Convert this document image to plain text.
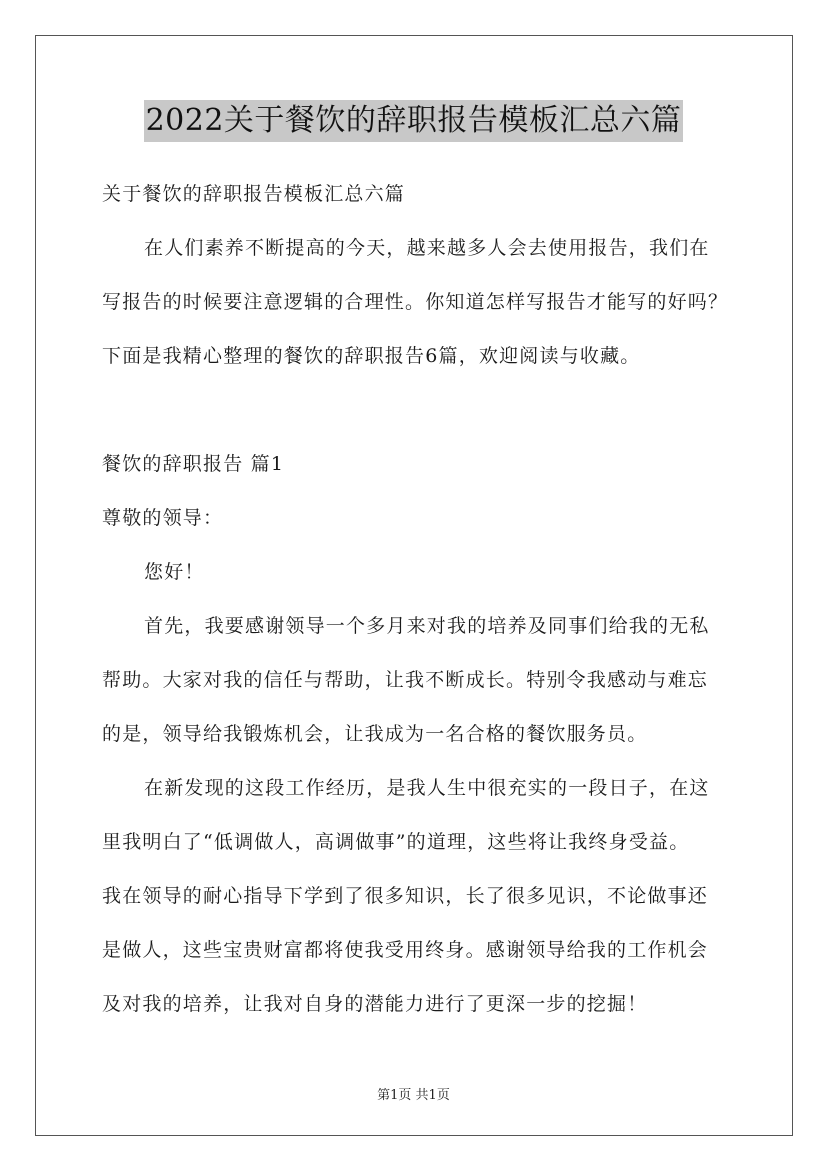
2022关于餐饮的辞职报告模板汇总六篇
关于餐饮的辞职报告模板汇总六篇
在人们素养不断提高的今天，越来越多人会去使用报告，我们在
写报告的时候要注意逻辑的合理性。你知道怎样写报告才能写的好吗？
下面是我精心整理的餐饮的辞职报告6篇，欢迎阅读与收藏。
餐饮的辞职报告 篇1
尊敬的领导：
您好！
首先，我要感谢领导一个多月来对我的培养及同事们给我的无私
帮助。大家对我的信任与帮助，让我不断成长。特别令我感动与难忘
的是，领导给我锻炼机会，让我成为一名合格的餐饮服务员。
在新发现的这段工作经历，是我人生中很充实的一段日子，在这
里我明白了“低调做人，高调做事”的道理，这些将让我终身受益。
我在领导的耐心指导下学到了很多知识，长了很多见识，不论做事还
是做人，这些宝贵财富都将使我受用终身。感谢领导给我的工作机会
及对我的培养，让我对自身的潜能力进行了更深一步的挖掘！
第1页 共1页
